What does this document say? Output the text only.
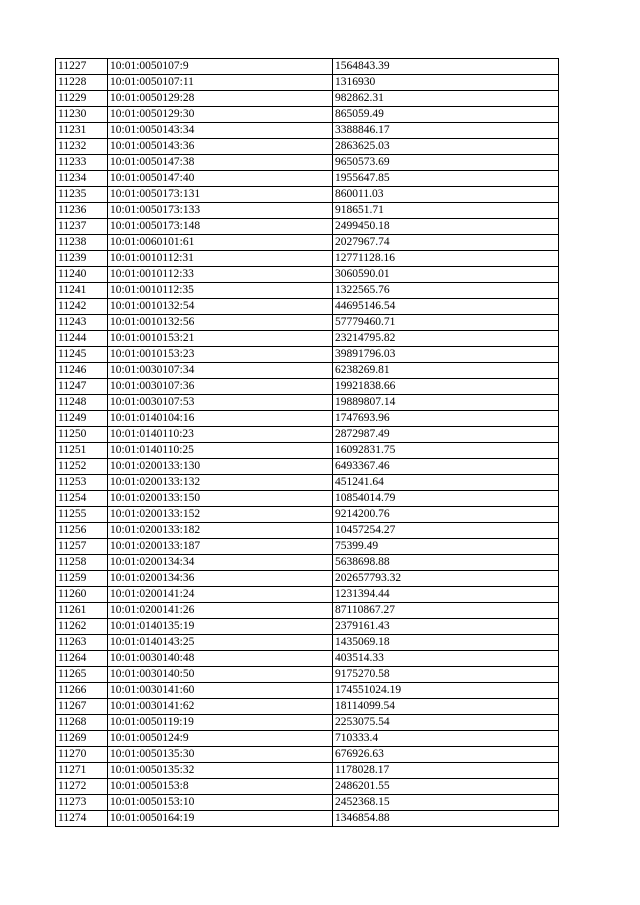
11227	10:01:0050107:9	1564843.39
11228	10:01:0050107:11	1316930
11229	10:01:0050129:28	982862.31
11230	10:01:0050129:30	865059.49
11231	10:01:0050143:34	3388846.17
11232	10:01:0050143:36	2863625.03
11233	10:01:0050147:38	9650573.69
11234	10:01:0050147:40	1955647.85
11235	10:01:0050173:131	860011.03
11236	10:01:0050173:133	918651.71
11237	10:01:0050173:148	2499450.18
11238	10:01:0060101:61	2027967.74
11239	10:01:0010112:31	12771128.16
11240	10:01:0010112:33	3060590.01
11241	10:01:0010112:35	1322565.76
11242	10:01:0010132:54	44695146.54
11243	10:01:0010132:56	57779460.71
11244	10:01:0010153:21	23214795.82
11245	10:01:0010153:23	39891796.03
11246	10:01:0030107:34	6238269.81
11247	10:01:0030107:36	19921838.66
11248	10:01:0030107:53	19889807.14
11249	10:01:0140104:16	1747693.96
11250	10:01:0140110:23	2872987.49
11251	10:01:0140110:25	16092831.75
11252	10:01:0200133:130	6493367.46
11253	10:01:0200133:132	451241.64
11254	10:01:0200133:150	10854014.79
11255	10:01:0200133:152	9214200.76
11256	10:01:0200133:182	10457254.27
11257	10:01:0200133:187	75399.49
11258	10:01:0200134:34	5638698.88
11259	10:01:0200134:36	202657793.32
11260	10:01:0200141:24	1231394.44
11261	10:01:0200141:26	87110867.27
11262	10:01:0140135:19	2379161.43
11263	10:01:0140143:25	1435069.18
11264	10:01:0030140:48	403514.33
11265	10:01:0030140:50	9175270.58
11266	10:01:0030141:60	174551024.19
11267	10:01:0030141:62	18114099.54
11268	10:01:0050119:19	2253075.54
11269	10:01:0050124:9	710333.4
11270	10:01:0050135:30	676926.63
11271	10:01:0050135:32	1178028.17
11272	10:01:0050153:8	2486201.55
11273	10:01:0050153:10	2452368.15
11274	10:01:0050164:19	1346854.88
